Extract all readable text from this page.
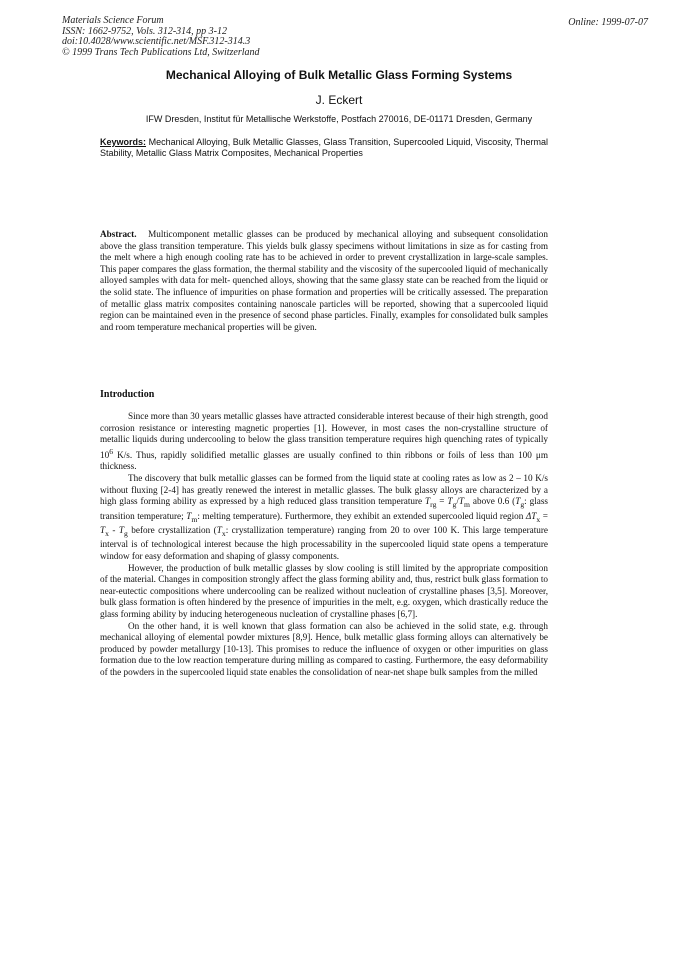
Materials Science Forum
ISSN: 1662-9752, Vols. 312-314, pp 3-12
doi:10.4028/www.scientific.net/MSF.312-314.3
© 1999 Trans Tech Publications Ltd, Switzerland
Online: 1999-07-07
Mechanical Alloying of Bulk Metallic Glass Forming Systems
J. Eckert
IFW Dresden, Institut für Metallische Werkstoffe, Postfach 270016, DE-01171 Dresden, Germany
Keywords: Mechanical Alloying, Bulk Metallic Glasses, Glass Transition, Supercooled Liquid, Viscosity, Thermal Stability, Metallic Glass Matrix Composites, Mechanical Properties

Abstract. Multicomponent metallic glasses can be produced by mechanical alloying and subsequent consolidation above the glass transition temperature. This yields bulk glassy specimens without limitations in size as for casting from the melt where a high enough cooling rate has to be achieved in order to prevent crystallization in large-scale samples. This paper compares the glass formation, the thermal stability and the viscosity of the supercooled liquid of mechanically alloyed samples with data for melt- quenched alloys, showing that the same glassy state can be reached from the liquid or the solid state. The influence of impurities on phase formation and properties will be critically assessed. The preparation of metallic glass matrix composites containing nanoscale particles will be reported, showing that a supercooled liquid region can be maintained even in the presence of second phase particles. Finally, examples for consolidated bulk samples and room temperature mechanical properties will be given.

Introduction

Since more than 30 years metallic glasses have attracted considerable interest because of their high strength, good corrosion resistance or interesting magnetic properties [1]. However, in most cases the non-crystalline structure of metallic liquids during undercooling to below the glass transition temperature requires high quenching rates of typically $10^6$ K/s. Thus, rapidly solidified metallic glasses are usually confined to thin ribbons or foils of less than 100 μm thickness.

The discovery that bulk metallic glasses can be formed from the liquid state at cooling rates as low as 2 – 10 K/s without fluxing [2-4] has greatly renewed the interest in metallic glasses. The bulk glassy alloys are characterized by a high glass forming ability as expressed by a high reduced glass transition temperature $T_{rg} = T_g/T_m$ above 0.6 ($T_g$: glass transition temperature; $T_m$: melting temperature). Furthermore, they exhibit an extended supercooled liquid region $\Delta T_x = T_x - T_g$ before crystallization ($T_x$: crystallization temperature) ranging from 20 to over 100 K. This large temperature interval is of technological interest because the high processability in the supercooled liquid state opens a temperature window for easy deformation and shaping of glassy components.

However, the production of bulk metallic glasses by slow cooling is still limited by the appropriate composition of the material. Changes in composition strongly affect the glass forming ability and, thus, restrict bulk glass formation to near-eutectic compositions where undercooling can be realized without nucleation of crystalline phases [3,5]. Moreover, bulk glass formation is often hindered by the presence of impurities in the melt, e.g. oxygen, which drastically reduce the glass forming ability by inducing heterogeneous nucleation of crystalline phases [6,7].

On the other hand, it is well known that glass formation can also be achieved in the solid state, e.g. through mechanical alloying of elemental powder mixtures [8,9]. Hence, bulk metallic glass forming alloys can alternatively be produced by powder metallurgy [10-13]. This promises to reduce the influence of oxygen or other impurities on glass formation due to the low reaction temperature during milling as compared to casting. Furthermore, the easy deformability of the powders in the supercooled liquid state enables the consolidation of near-net shape bulk samples from the milled
